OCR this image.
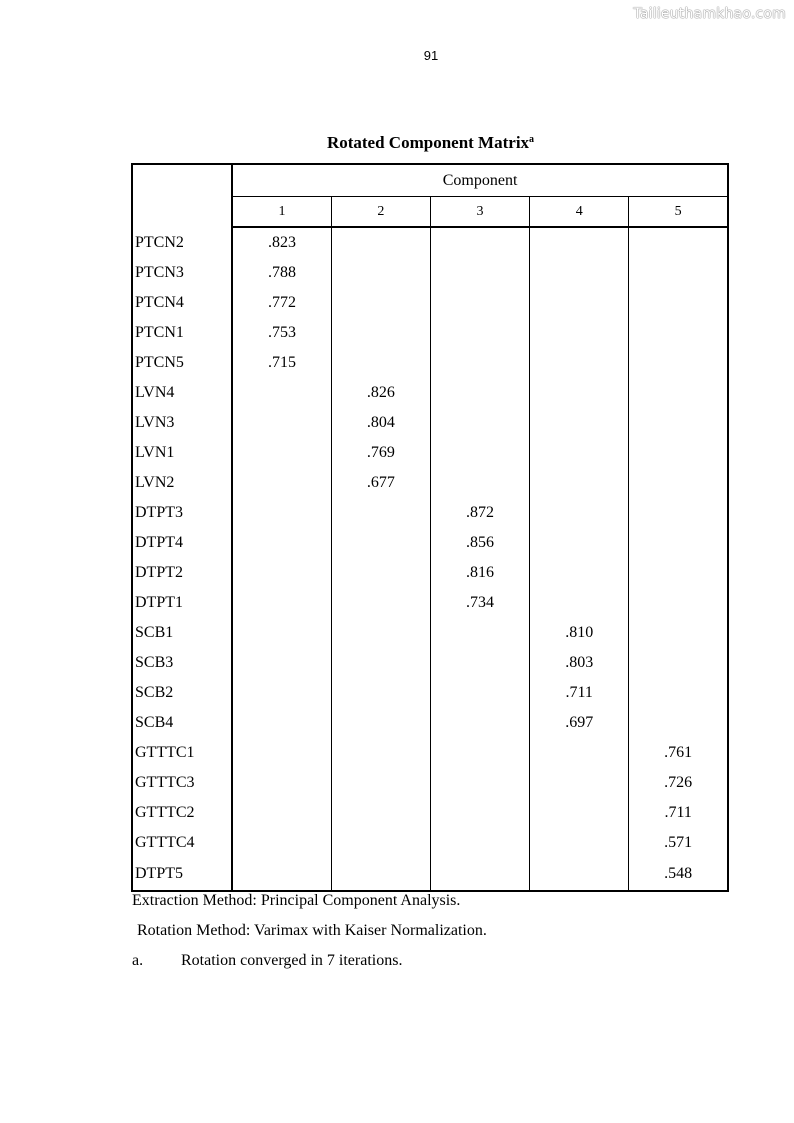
Tailieuthamkhao.com
91
Rotated Component Matrix$^a$
	Component				
	1	2	3	4	5
PTCN2	.823				
PTCN3	.788				
PTCN4	.772				
PTCN1	.753				
PTCN5	.715				
LVN4		.826			
LVN3		.804			
LVN1		.769			
LVN2		.677			
DTPT3			.872		
DTPT4			.856		
DTPT2			.816		
DTPT1			.734		
SCB1				.810	
SCB3				.803	
SCB2				.711	
SCB4				.697	
GTTTC1					.761
GTTTC3					.726
GTTTC2					.711
GTTTC4					.571
DTPT5					.548
Extraction Method: Principal Component Analysis.
Rotation Method: Varimax with Kaiser Normalization.
a. Rotation converged in 7 iterations.
